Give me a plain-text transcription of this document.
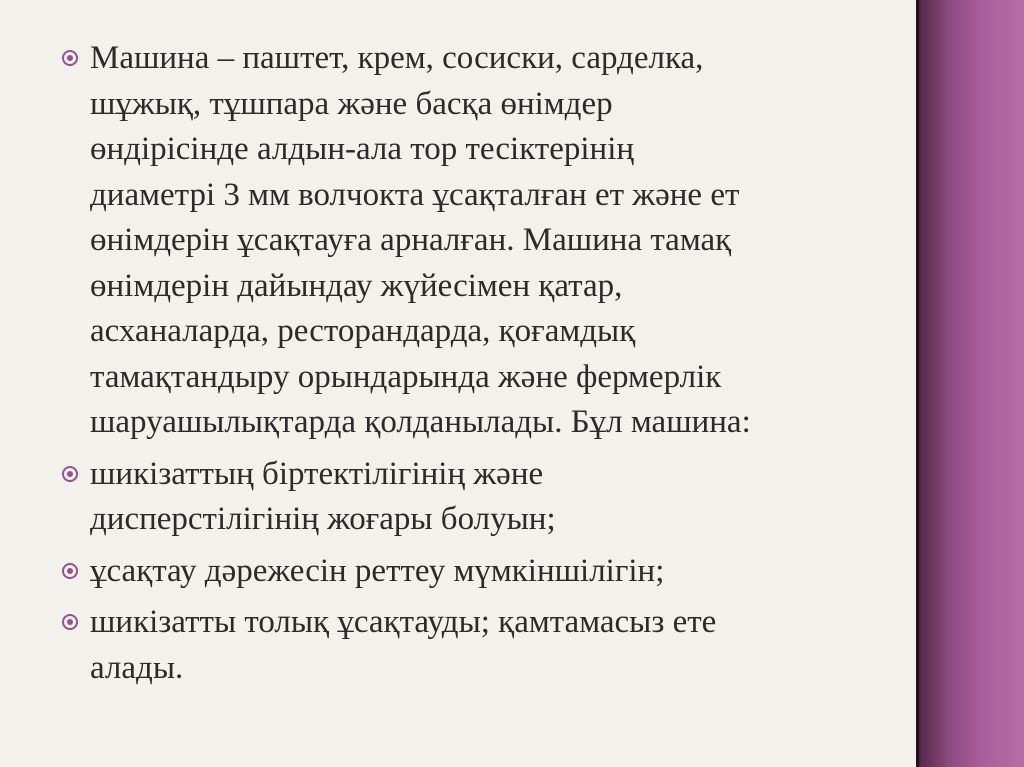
Машина – паштет, крем, сосиски, сарделка,
шұжық, тұшпара және басқа өнімдер
өндірісінде алдын-ала тор тесіктерінің
диаметрі 3 мм волчокта ұсақталған ет және ет
өнімдерін ұсақтауға арналған. Машина тамақ
өнімдерін дайындау жүйесімен қатар,
асханаларда, ресторандарда, қоғамдық
тамақтандыру орындарында және фермерлік
шаруашылықтарда қолданылады. Бұл машина:
шикізаттың біртектілігінің және
дисперстілігінің жоғары болуын;
ұсақтау дәрежесін реттеу мүмкіншілігін;
шикізатты толық ұсақтауды; қамтамасыз ете
алады.
